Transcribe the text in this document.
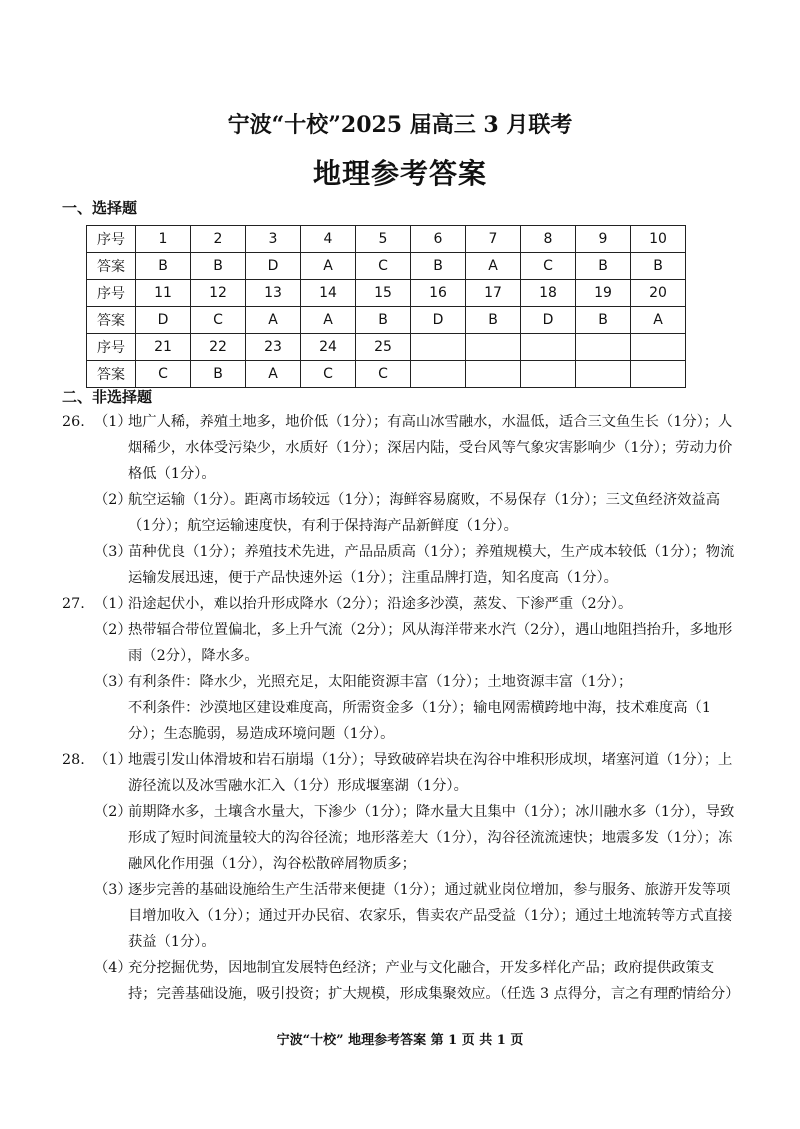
宁波“十校”2025 届高三 3 月联考
地理参考答案
一、选择题
序号	1	2	3	4	5	6	7	8	9	10
答案	B	B	D	A	C	B	A	C	B	B
序号	11	12	13	14	15	16	17	18	19	20
答案	D	C	A	A	B	D	B	D	B	A
序号	21	22	23	24	25					
答案	C	B	A	C	C					
二、非选择题
26. （1）
地广人稀，养殖土地多，地价低（1分）；有高山冰雪融水，水温低，适合三文鱼生长（1分）；人烟稀少，水体受污染少，水质好（1分）；深居内陆，受台风等气象灾害影响少（1分）；劳动力价格低（1分）。
（2）
航空运输（1分）。距离市场较远（1分）；海鲜容易腐败，不易保存（1分）；三文鱼经济效益高（1分）；航空运输速度快，有利于保持海产品新鲜度（1分）。
（3）
苗种优良（1分）；养殖技术先进，产品品质高（1分）；养殖规模大，生产成本较低（1分）；物流运输发展迅速，便于产品快速外运（1分）；注重品牌打造，知名度高（1分）。
27. （1）
沿途起伏小，难以抬升形成降水（2分）；沿途多沙漠，蒸发、下渗严重（2分）。
（2）
热带辐合带位置偏北，多上升气流（2分）；风从海洋带来水汽（2分），遇山地阻挡抬升，多地形雨（2分），降水多。
（3）
有利条件：降水少，光照充足，太阳能资源丰富（1分）；土地资源丰富（1分）；
不利条件：沙漠地区建设难度高，所需资金多（1分）；输电网需横跨地中海，技术难度高（1分）；生态脆弱，易造成环境问题（1分）。
28. （1）
地震引发山体滑坡和岩石崩塌（1分）；导致破碎岩块在沟谷中堆积形成坝，堵塞河道（1分）；上游径流以及冰雪融水汇入（1分）形成堰塞湖（1分）。
（2）
前期降水多，土壤含水量大，下渗少（1分）；降水量大且集中（1分）；冰川融水多（1分），导致形成了短时间流量较大的沟谷径流；地形落差大（1分），沟谷径流流速快；地震多发（1分）；冻融风化作用强（1分），沟谷松散碎屑物质多；
（3）
逐步完善的基础设施给生产生活带来便捷（1分）；通过就业岗位增加，参与服务、旅游开发等项目增加收入（1分）；通过开办民宿、农家乐，售卖农产品受益（1分）；通过土地流转等方式直接获益（1分）。
（4）
充分挖掘优势，因地制宜发展特色经济；产业与文化融合，开发多样化产品；政府提供政策支持；完善基础设施，吸引投资；扩大规模，形成集聚效应。（任选 3 点得分，言之有理酌情给分）
宁波“十校” 地理参考答案 第 1 页 共 1 页
